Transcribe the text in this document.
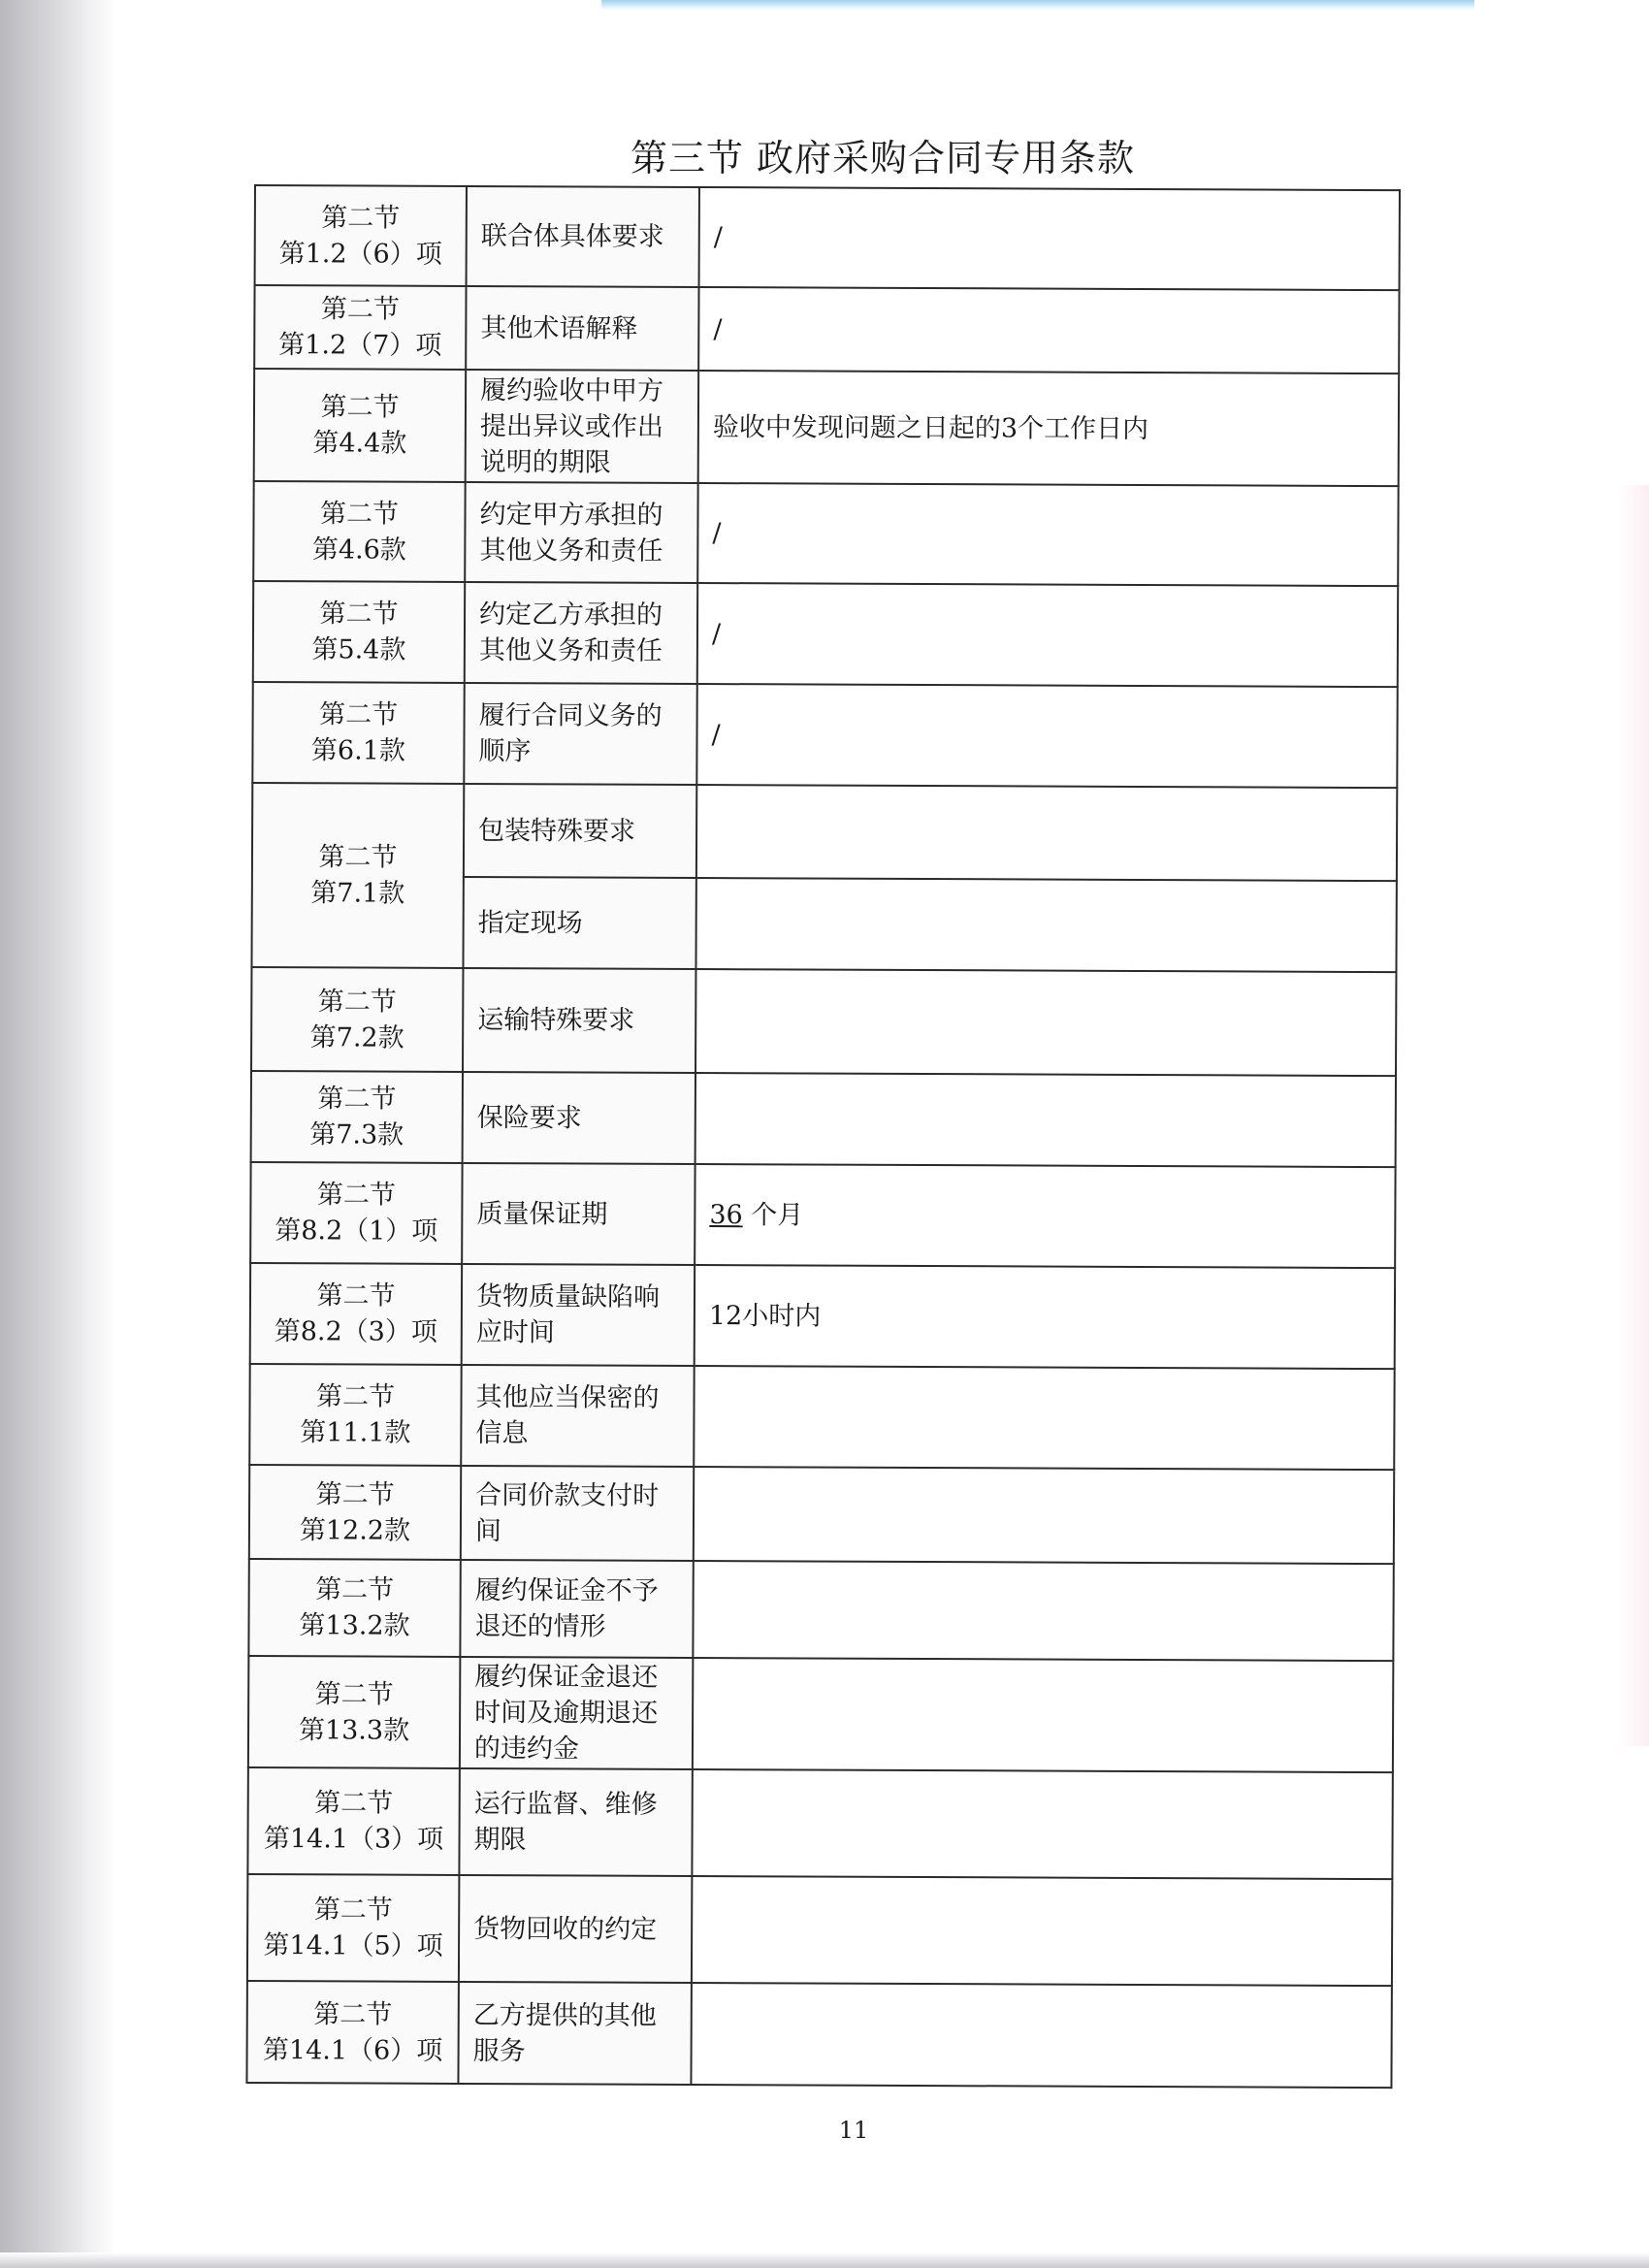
第三节 政府采购合同专用条款
第二节
第1.2（6）项	联合体具体要求	/

第二节
第1.2（7）项	其他术语解释	/

第二节
第4.4款	履约验收中甲方提出异议或作出说明的期限	验收中发现问题之日起的3个工作日内

第二节
第4.6款	约定甲方承担的其他义务和责任	/

第二节
第5.4款	约定乙方承担的其他义务和责任	/

第二节
第6.1款	履行合同义务的顺序	/

第二节
第7.1款	包装特殊要求	
	指定现场	

第二节
第7.2款	运输特殊要求	

第二节
第7.3款	保险要求	

第二节
第8.2（1）项	质量保证期	36 个月

第二节
第8.2（3）项	货物质量缺陷响应时间	12小时内

第二节
第11.1款	其他应当保密的信息	

第二节
第12.2款	合同价款支付时间	

第二节
第13.2款	履约保证金不予退还的情形	

第二节
第13.3款	履约保证金退还时间及逾期退还的违约金	

第二节
第14.1（3）项	运行监督、维修期限	

第二节
第14.1（5）项	货物回收的约定	

第二节
第14.1（6）项	乙方提供的其他服务	
11
